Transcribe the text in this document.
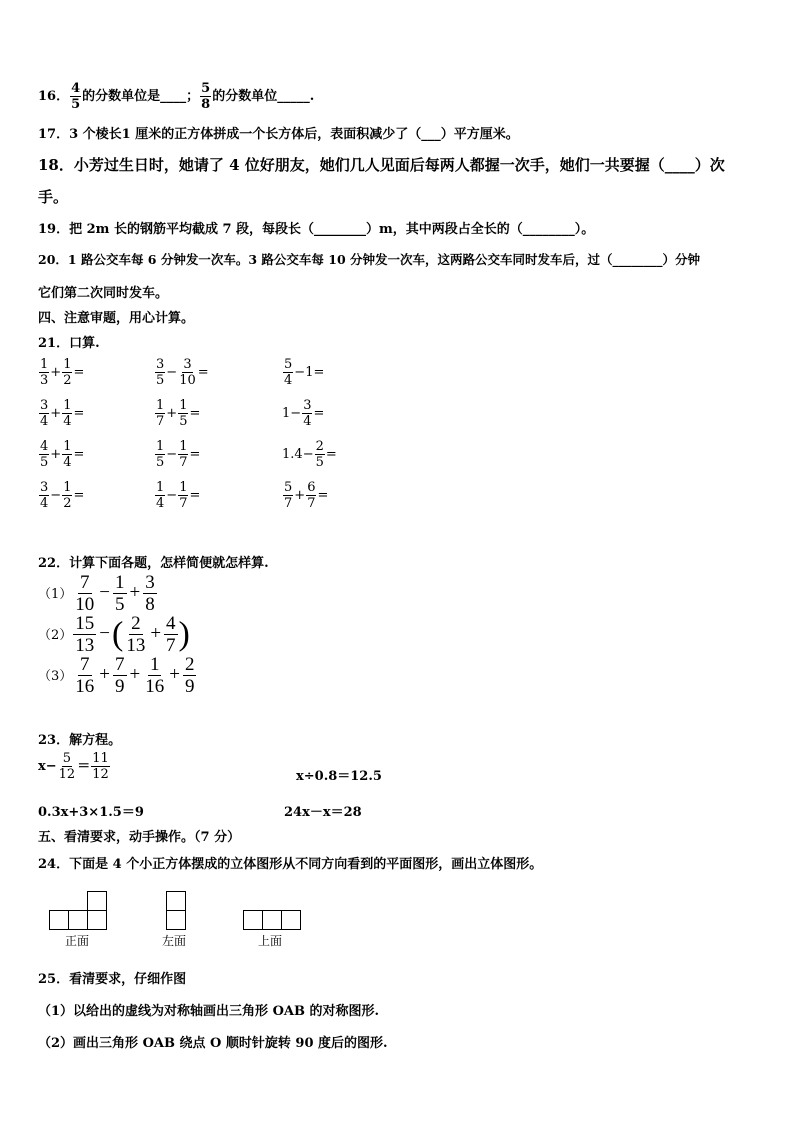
16． $\frac{4}{5}$ 的分数单位是____； $\frac{5}{8}$ 的分数单位_____.
17．3 个棱长1 厘米的正方体拼成一个长方体后，表面积减少了（___）平方厘米。
18．小芳过生日时，她请了 4 位好朋友，她们几人见面后每两人都握一次手，她们一共要握（____）次
手。
19．把 2m 长的钢筋平均截成 7 段，每段长（________）m，其中两段占全长的（________）。
20．1 路公交车每 6 分钟发一次车。3 路公交车每 10 分钟发一次车，这两路公交车同时发车后，过（________）分钟
它们第二次同时发车。
四、注意审题，用心计算。
21．口算.
$\frac{1}{3} + \frac{1}{2}$ =	$\frac{3}{5} - \frac{3}{10}$ =	$\frac{5}{4} -1=$
$\frac{3}{4} + \frac{1}{4}$ =	$\frac{1}{7} + \frac{1}{5}$ =	$1- \frac{3}{4}$ =
$\frac{4}{5} + \frac{1}{4}$ =	$\frac{1}{5} - \frac{1}{7}$ =	$1.4- \frac{2}{5}$ =
$\frac{3}{4} - \frac{1}{2}$ =	$\frac{1}{4} - \frac{1}{7}$ =	$\frac{5}{7} + \frac{6}{7}$ =
22．计算下面各题，怎样简便就怎样算.
$(1) \frac{7}{10} - \frac{1}{5} + \frac{3}{8}$
$(2) \frac{15}{13}$ −( $\frac{2}{13} + \frac{4}{7}$ )
$(3) \frac{7}{16} + \frac{7}{9} + \frac{1}{16} + \frac{2}{9}$
23．解方程。
$x- \frac{5}{12} = \frac{11}{12}$	x÷0.8＝12.5
0.3x+3×1.5＝9	24x－x＝28
五、看清要求，动手操作。（7 分）
24．下面是 4 个小正方体摆成的立体图形从不同方向看到的平面图形，画出立体图形。
正面	左面	上面
25．看清要求，仔细作图
（1）以给出的虚线为对称轴画出三角形 OAB 的对称图形.
（2）画出三角形 OAB 绕点 O 顺时针旋转 90 度后的图形.
